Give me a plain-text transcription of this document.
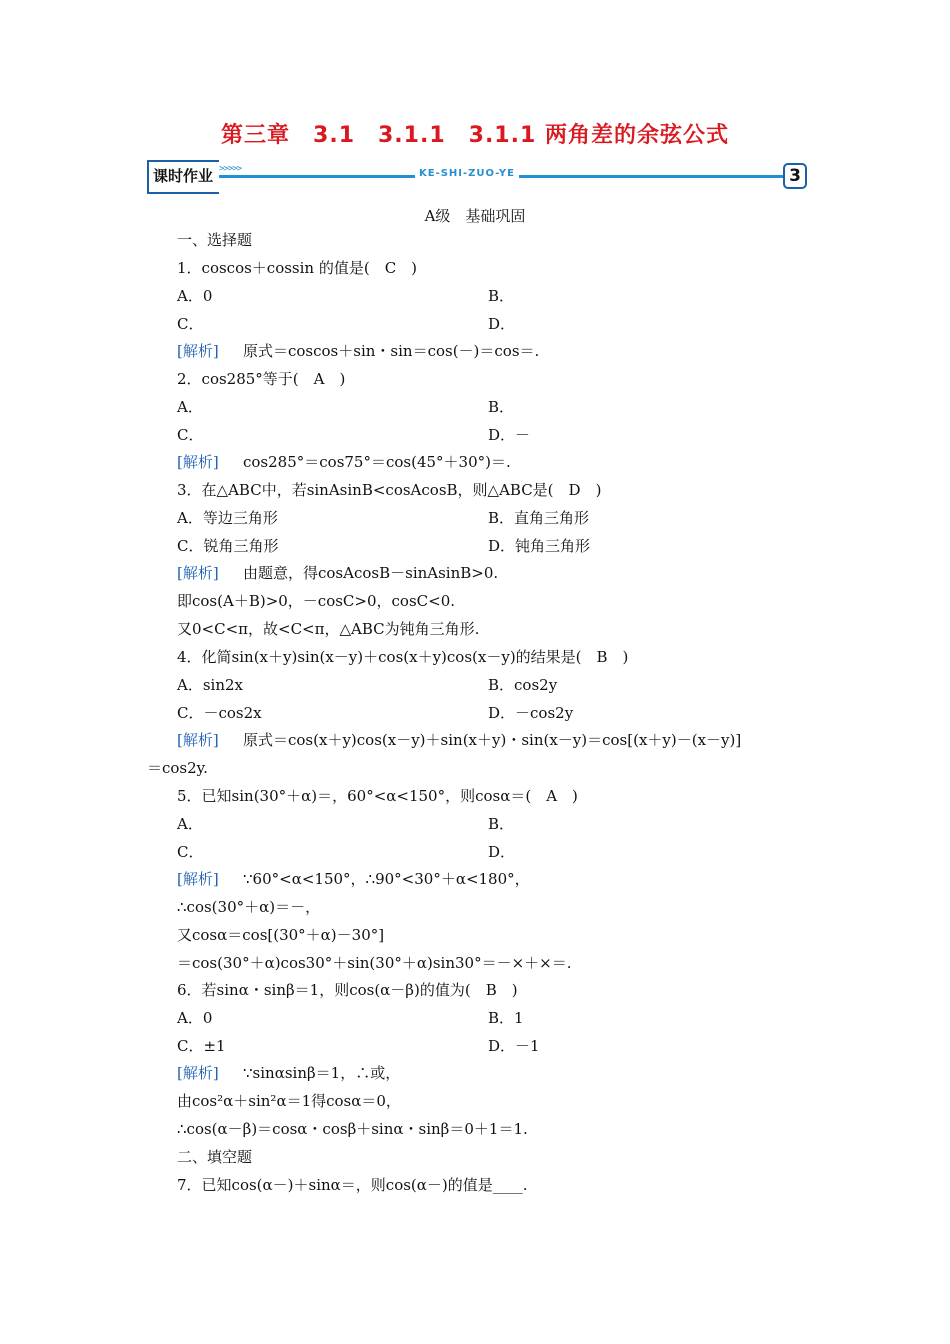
第三章　3.1　3.1.1　3.1.1 两角差的余弦公式
课时作业 >>>>>	KE-SHI-ZUO-YE	3
A级　基础巩固
一、选择题
1．coscos＋cossin 的值是(　C　)
A．0	B．
C．	D．
[解析] 原式＝coscos＋sin・sin＝cos(－)＝cos＝.
2．cos285°等于(　A　)
A．	B．
C．	D．－
[解析] cos285°＝cos75°＝cos(45°＋30°)＝.
3．在△ABC中，若sinAsinB<cosAcosB，则△ABC是(　D　)
A．等边三角形	B．直角三角形
C．锐角三角形	D．钝角三角形
[解析] 由题意，得cosAcosB－sinAsinB>0.
即cos(A＋B)>0，－cosC>0，cosC<0.
又0<C<π，故<C<π，△ABC为钝角三角形.
4．化简sin(x＋y)sin(x－y)＋cos(x＋y)cos(x－y)的结果是(　B　)
A．sin2x	B．cos2y
C．－cos2x	D．－cos2y
[解析] 原式＝cos(x＋y)cos(x－y)＋sin(x＋y)・sin(x－y)＝cos[(x＋y)－(x－y)]
＝cos2y.
5．已知sin(30°＋α)＝，60°<α<150°，则cosα＝(　A　)
A．	B．
C．	D．
[解析] ∵60°<α<150°，∴90°<30°＋α<180°，
∴cos(30°＋α)＝－，
又cosα＝cos[(30°＋α)－30°]
＝cos(30°＋α)cos30°＋sin(30°＋α)sin30°＝－×＋×＝.
6．若sinα・sinβ＝1，则cos(α－β)的值为(　B　)
A．0	B．1
C．±1	D．－1
[解析] ∵sinαsinβ＝1，∴或，
由cos²α＋sin²α＝1得cosα＝0，
∴cos(α－β)＝cosα・cosβ＋sinα・sinβ＝0＋1＝1.
二、填空题
7．已知cos(α－)＋sinα＝，则cos(α－)的值是____.
